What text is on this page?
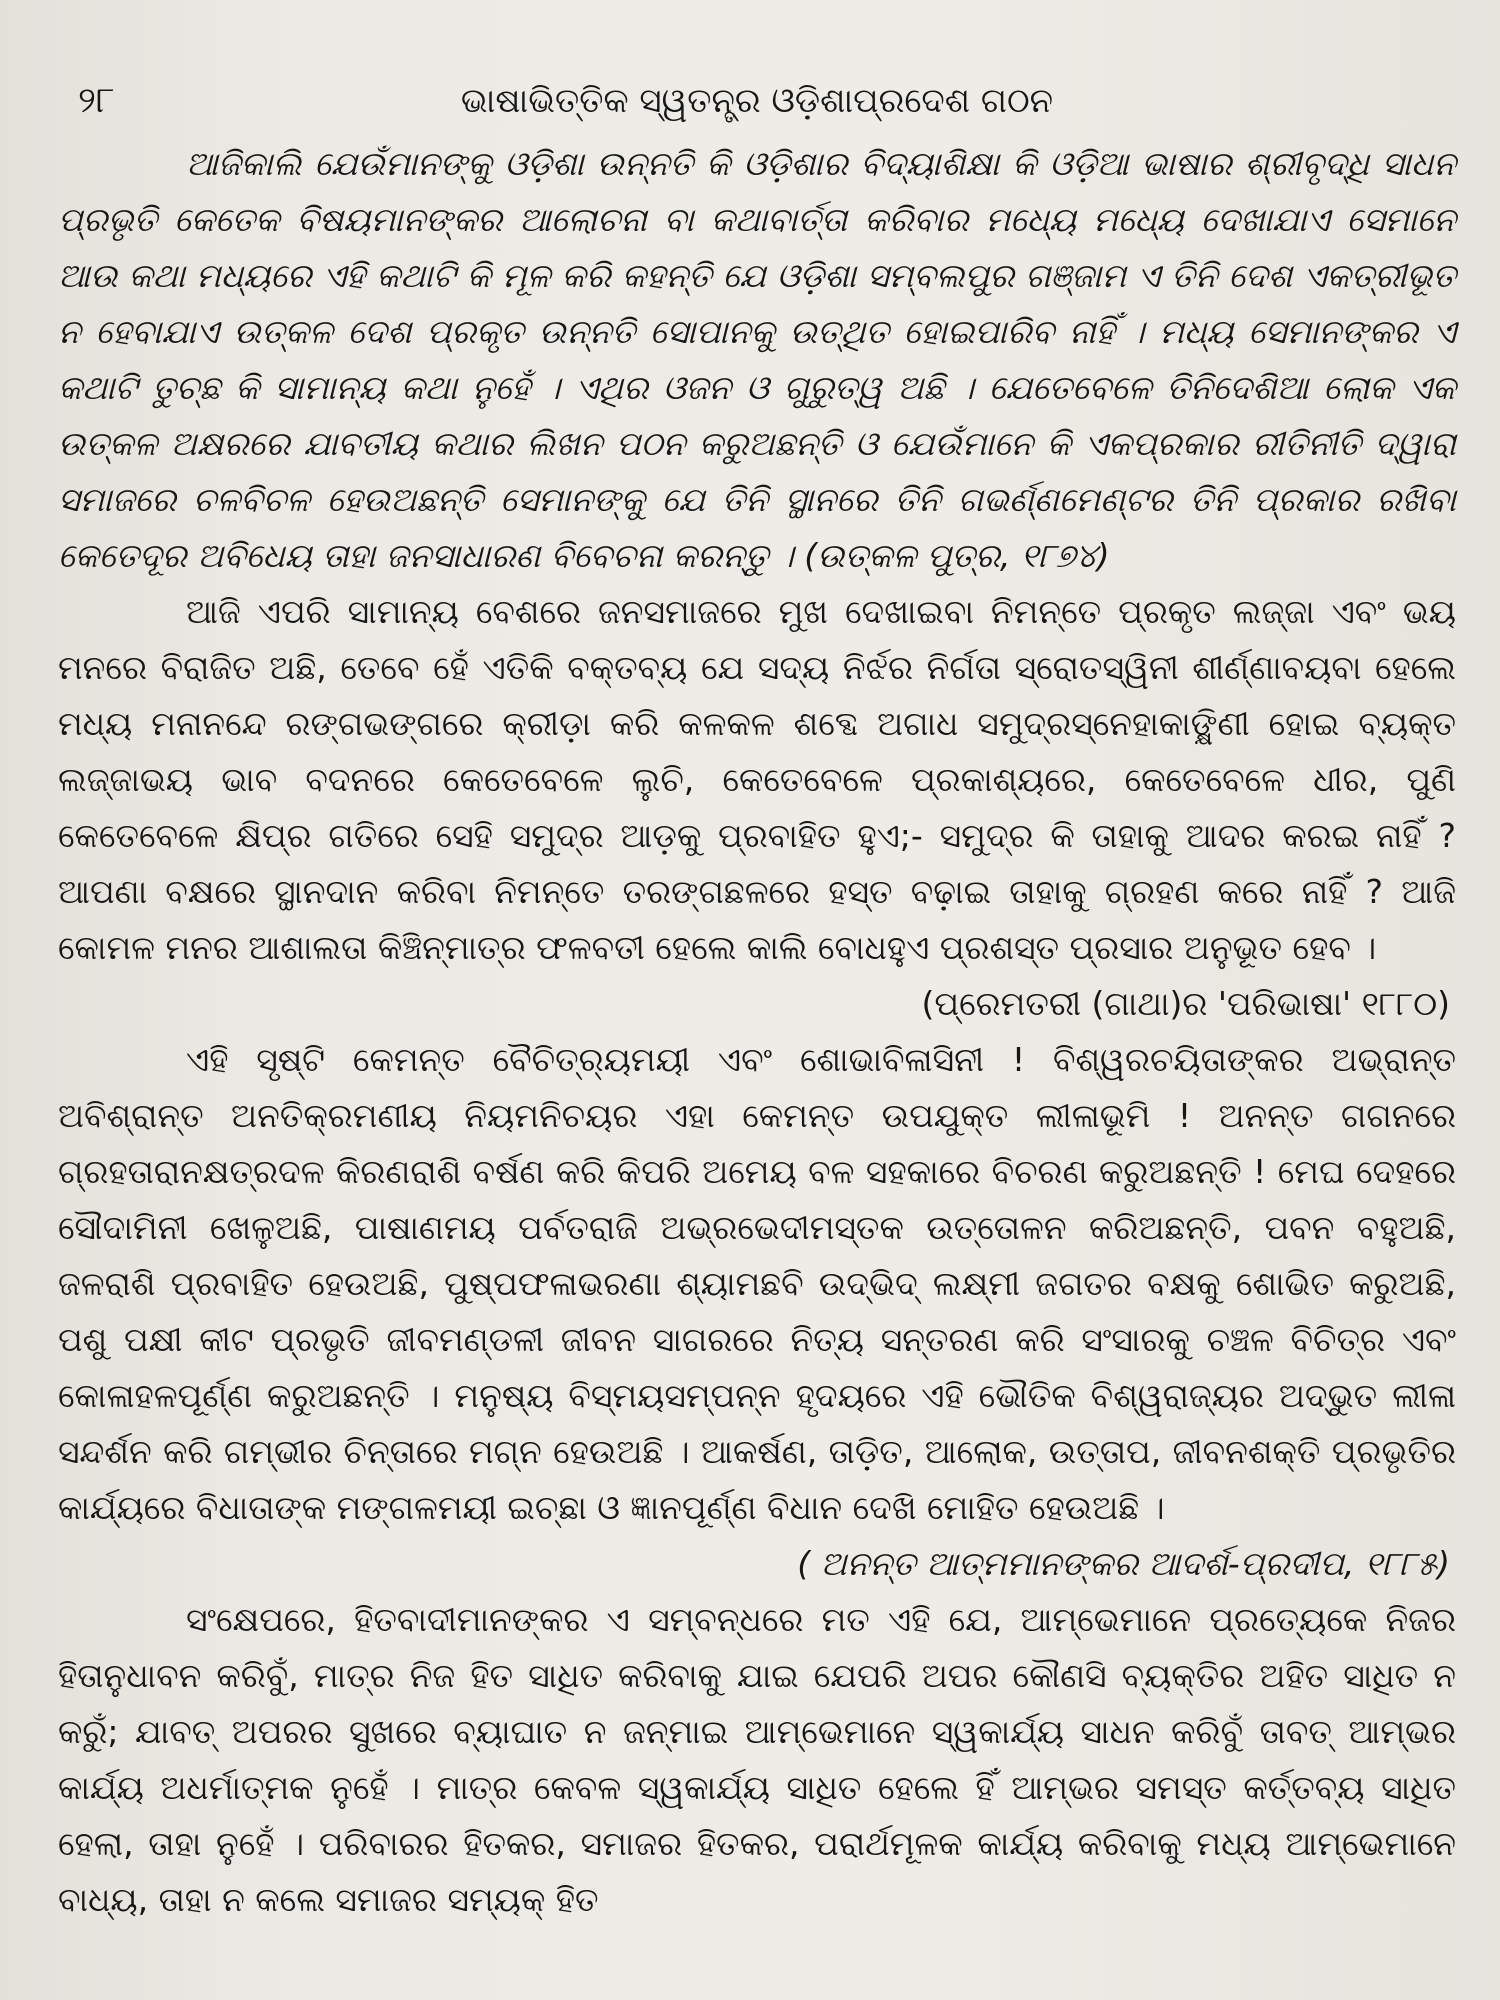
୨୮	ଭାଷାଭିତ୍ତିକ ସ୍ୱତନ୍ତ୍ର ଓଡ଼ିଶାପ୍ରଦେଶ ଗଠନ

ଆଜିକାଲି ଯେଉଁମାନଙ୍କୁ ଓଡ଼ିଶା ଉନ୍ନତି କି ଓଡ଼ିଶାର ବିଦ୍ୟାଶିକ୍ଷା କି ଓଡ଼ିଆ ଭାଷାର ଶ୍ରୀବୃଦ୍ଧି ସାଧନ ପ୍ରଭୃତି କେତେକ ବିଷୟମାନଙ୍କର ଆଲୋଚନା ବା କଥାବାର୍ତ୍ତା କରିବାର ମଧ୍ୟେ ମଧ୍ୟେ ଦେଖାଯାଏ ସେମାନେ ଆଉ କଥା ମଧ୍ୟରେ ଏହି କଥାଟି କି ମୂଳ କରି କହନ୍ତି ଯେ ଓଡ଼ିଶା ସମ୍ବଲପୁର ଗଞ୍ଜାମ ଏ ତିନି ଦେଶ ଏକତ୍ରୀଭୂତ ନ ହେବାଯାଏ ଉତ୍କଳ ଦେଶ ପ୍ରକୃତ ଉନ୍ନତି ସୋପାନକୁ ଉତ୍‌ଥିତ ହୋଇପାରିବ ନାହିଁ । ମଧ୍ୟ ସେମାନଙ୍କର ଏ କଥାଟି ତୁଚ୍ଛ କି ସାମାନ୍ୟ କଥା ନୁହେଁ । ଏଥିର ଓଜନ ଓ ଗୁରୁତ୍ୱ ଅଛି । ଯେତେବେଳେ ତିନିଦେଶିଆ ଲୋକ ଏକ ଉତ୍କଳ ଅକ୍ଷରରେ ଯାବତୀୟ କଥାର ଲିଖନ ପଠନ କରୁଅଛନ୍ତି ଓ ଯେଉଁମାନେ କି ଏକପ୍ରକାର ରୀତିନୀତି ଦ୍ୱାରା ସମାଜରେ ଚଳବିଚଳ ହେଉଅଛନ୍ତି ସେମାନଙ୍କୁ ଯେ ତିନି ସ୍ଥାନରେ ତିନି ଗଭର୍ଣ୍ଣମେଣ୍ଟର ତିନି ପ୍ରକାର ରଖିବା କେତେଦୂର ଅବିଧେୟ ତାହା ଜନସାଧାରଣ ବିବେଚନା କରନ୍ତୁ । (ଉତ୍କଳ ପୁତ୍ର, ୧୮୭୪)

ଆଜି ଏପରି ସାମାନ୍ୟ ବେଶରେ ଜନସମାଜରେ ମୁଖ ଦେଖାଇବା ନିମନ୍ତେ ପ୍ରକୃତ ଲଜ୍ଜା ଏବଂ ଭୟ ମନରେ ବିରାଜିତ ଅଛି, ତେବେ ହେଁ ଏତିକି ବକ୍ତବ୍ୟ ଯେ ସଦ୍ୟ ନିର୍ଝର ନିର୍ଗତା ସ୍ରୋତସ୍ୱିନୀ ଶୀର୍ଣ୍ଣାବୟବା ହେଲେ ମଧ୍ୟ ମନାନନ୍ଦେ ରଙ୍ଗଭଙ୍ଗରେ କ୍ରୀଡ଼ା କରି କଳକଳ ଶବ୍ଦେ ଅଗାଧ ସମୁଦ୍ରସ୍ନେହାକାଙ୍କ୍ଷିଣୀ ହୋଇ ବ୍ୟକ୍ତ ଲଜ୍ଜାଭୟ ଭାବ ବଦନରେ କେତେବେଳେ ଲୁଚି, କେତେବେଳେ ପ୍ରକାଶ୍ୟରେ, କେତେବେଳେ ଧୀର, ପୁଣି କେତେବେଳେ କ୍ଷିପ୍ର ଗତିରେ ସେହି ସମୁଦ୍ର ଆଡ଼କୁ ପ୍ରବାହିତ ହୁଏ;- ସମୁଦ୍ର କି ତାହାକୁ ଆଦର କରଇ ନାହିଁ ? ଆପଣା ବକ୍ଷରେ ସ୍ଥାନଦାନ କରିବା ନିମନ୍ତେ ତରଙ୍ଗଛଳରେ ହସ୍ତ ବଢ଼ାଇ ତାହାକୁ ଗ୍ରହଣ କରେ ନାହିଁ ? ଆଜି କୋମଳ ମନର ଆଶାଲତା କିଞ୍ଚିନ୍ମାତ୍ର ଫଳବତୀ ହେଲେ କାଲି ବୋଧହୁଏ ପ୍ରଶସ୍ତ ପ୍ରସାର ଅନୁଭୂତ ହେବ ।

(ପ୍ରେମତରୀ (ଗାଥା)ର 'ପରିଭାଷା' ୧୮୮୦)

ଏହି ସୃଷ୍ଟି କେମନ୍ତ ବୈଚିତ୍ର୍ୟମୟୀ ଏବଂ ଶୋଭାବିଳାସିନୀ ! ବିଶ୍ୱରଚୟିତାଙ୍କର ଅଭ୍ରାନ୍ତ ଅବିଶ୍ରାନ୍ତ ଅନତିକ୍ରମଣୀୟ ନିୟମନିଚୟର ଏହା କେମନ୍ତ ଉପଯୁକ୍ତ ଲୀଳାଭୂମି ! ଅନନ୍ତ ଗଗନରେ ଗ୍ରହତାରାନକ୍ଷତ୍ରଦଳ କିରଣରାଶି ବର୍ଷଣ କରି କିପରି ଅମେୟ ବଳ ସହକାରେ ବିଚରଣ କରୁଅଛନ୍ତି ! ମେଘ ଦେହରେ ସୌଦାମିନୀ ଖେଳୁଅଛି, ପାଷାଣମୟ ପର୍ବତରାଜି ଅଭ୍ରଭେଦୀମସ୍ତକ ଉତ୍ତୋଳନ କରିଅଛନ୍ତି, ପବନ ବହୁଅଛି, ଜଳରାଶି ପ୍ରବାହିତ ହେଉଅଛି, ପୁଷ୍ପଫଳାଭରଣା ଶ୍ୟାମଛବି ଉଦ୍‌ଭିଦ୍ ଲକ୍ଷ୍ମୀ ଜଗତର ବକ୍ଷକୁ ଶୋଭିତ କରୁଅଛି, ପଶୁ ପକ୍ଷୀ କୀଟ ପ୍ରଭୃତି ଜୀବମଣ୍ଡଳୀ ଜୀବନ ସାଗରରେ ନିତ୍ୟ ସନ୍ତରଣ କରି ସଂସାରକୁ ଚଞ୍ଚଳ ବିଚିତ୍ର ଏବଂ କୋଳାହଳପୂର୍ଣ୍ଣ କରୁଅଛନ୍ତି । ମନୁଷ୍ୟ ବିସ୍ମୟସମ୍ପନ୍ନ ହୃଦୟରେ ଏହି ଭୌତିକ ବିଶ୍ୱରାଜ୍ୟର ଅଦ୍ଭୁତ ଲୀଳା ସନ୍ଦର୍ଶନ କରି ଗମ୍ଭୀର ଚିନ୍ତାରେ ମଗ୍ନ ହେଉଅଛି । ଆକର୍ଷଣ, ତାଡ଼ିତ, ଆଲୋକ, ଉତ୍ତାପ, ଜୀବନଶକ୍ତି ପ୍ରଭୃତିର କାର୍ଯ୍ୟରେ ବିଧାତାଙ୍କ ମଙ୍ଗଳମୟୀ ଇଚ୍ଛା ଓ ଜ୍ଞାନପୂର୍ଣ୍ଣ ବିଧାନ ଦେଖି ମୋହିତ ହେଉଅଛି ।

( ଅନନ୍ତ ଆତ୍ମମାନଙ୍କର ଆଦର୍ଶ-ପ୍ରଦୀପ, ୧୮୮୫)

ସଂକ୍ଷେପରେ, ହିତବାଦୀମାନଙ୍କର ଏ ସମ୍ବନ୍ଧରେ ମତ ଏହି ଯେ, ଆମ୍ଭେମାନେ ପ୍ରତ୍ୟେକେ ନିଜର ହିତାନୁଧାବନ କରିବୁଁ, ମାତ୍ର ନିଜ ହିତ ସାଧିତ କରିବାକୁ ଯାଇ ଯେପରି ଅପର କୌଣସି ବ୍ୟକ୍ତିର ଅହିତ ସାଧିତ ନ କରୁଁ; ଯାବତ୍ ଅପରର ସୁଖରେ ବ୍ୟାଘାତ ନ ଜନ୍ମାଇ ଆମ୍ଭେମାନେ ସ୍ୱକାର୍ଯ୍ୟ ସାଧନ କରିବୁଁ ତାବତ୍ ଆମ୍ଭର କାର୍ଯ୍ୟ ଅଧର୍ମାତ୍ମକ ନୁହେଁ । ମାତ୍ର କେବଳ ସ୍ୱକାର୍ଯ୍ୟ ସାଧିତ ହେଲେ ହିଁ ଆମ୍ଭର ସମସ୍ତ କର୍ତ୍ତବ୍ୟ ସାଧିତ ହେଲା, ତାହା ନୁହେଁ । ପରିବାରର ହିତକର, ସମାଜର ହିତକର, ପରାର୍ଥମୂଳକ କାର୍ଯ୍ୟ କରିବାକୁ ମଧ୍ୟ ଆମ୍ଭେମାନେ ବାଧ୍ୟ, ତାହା ନ କଲେ ସମାଜର ସମ୍ୟକ୍ ହିତ
